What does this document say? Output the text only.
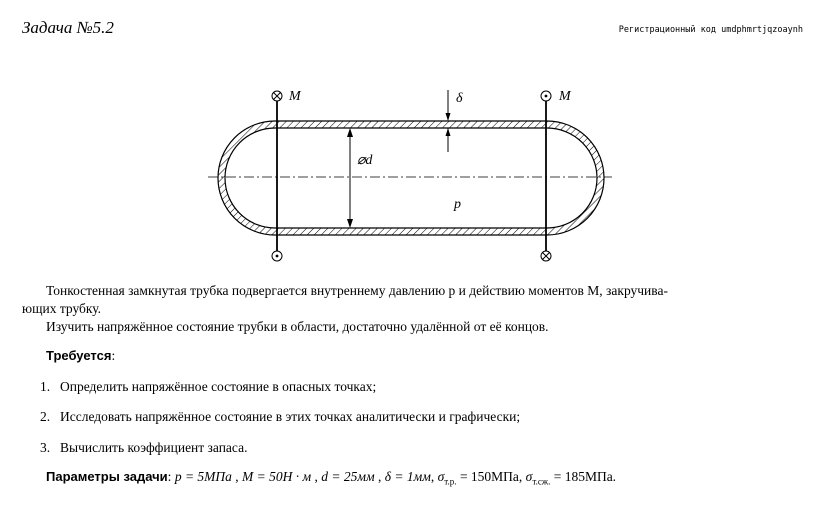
Задача №5.2	Регистрационный код umdphmrtjqzoaynh
M	M
⌀d
δ
p
Тонкостенная замкнутая трубка подвергается внутреннему давлению p и действию моментов M, закручива-
ющих трубку.
Изучить напряжённое состояние трубки в области, достаточно удалённой от её концов.
Требуется:
1. Определить напряжённое состояние в опасных точках;
2. Исследовать напряжённое состояние в этих точках аналитически и графически;
3. Вычислить коэффициент запаса.
Параметры задачи: p = 5МПа , M = 50Н · м , d = 25мм , δ = 1мм, $\sigma_{т.р.} = 150МПа$, $\sigma_{т.сж.} = 185МПа$.
